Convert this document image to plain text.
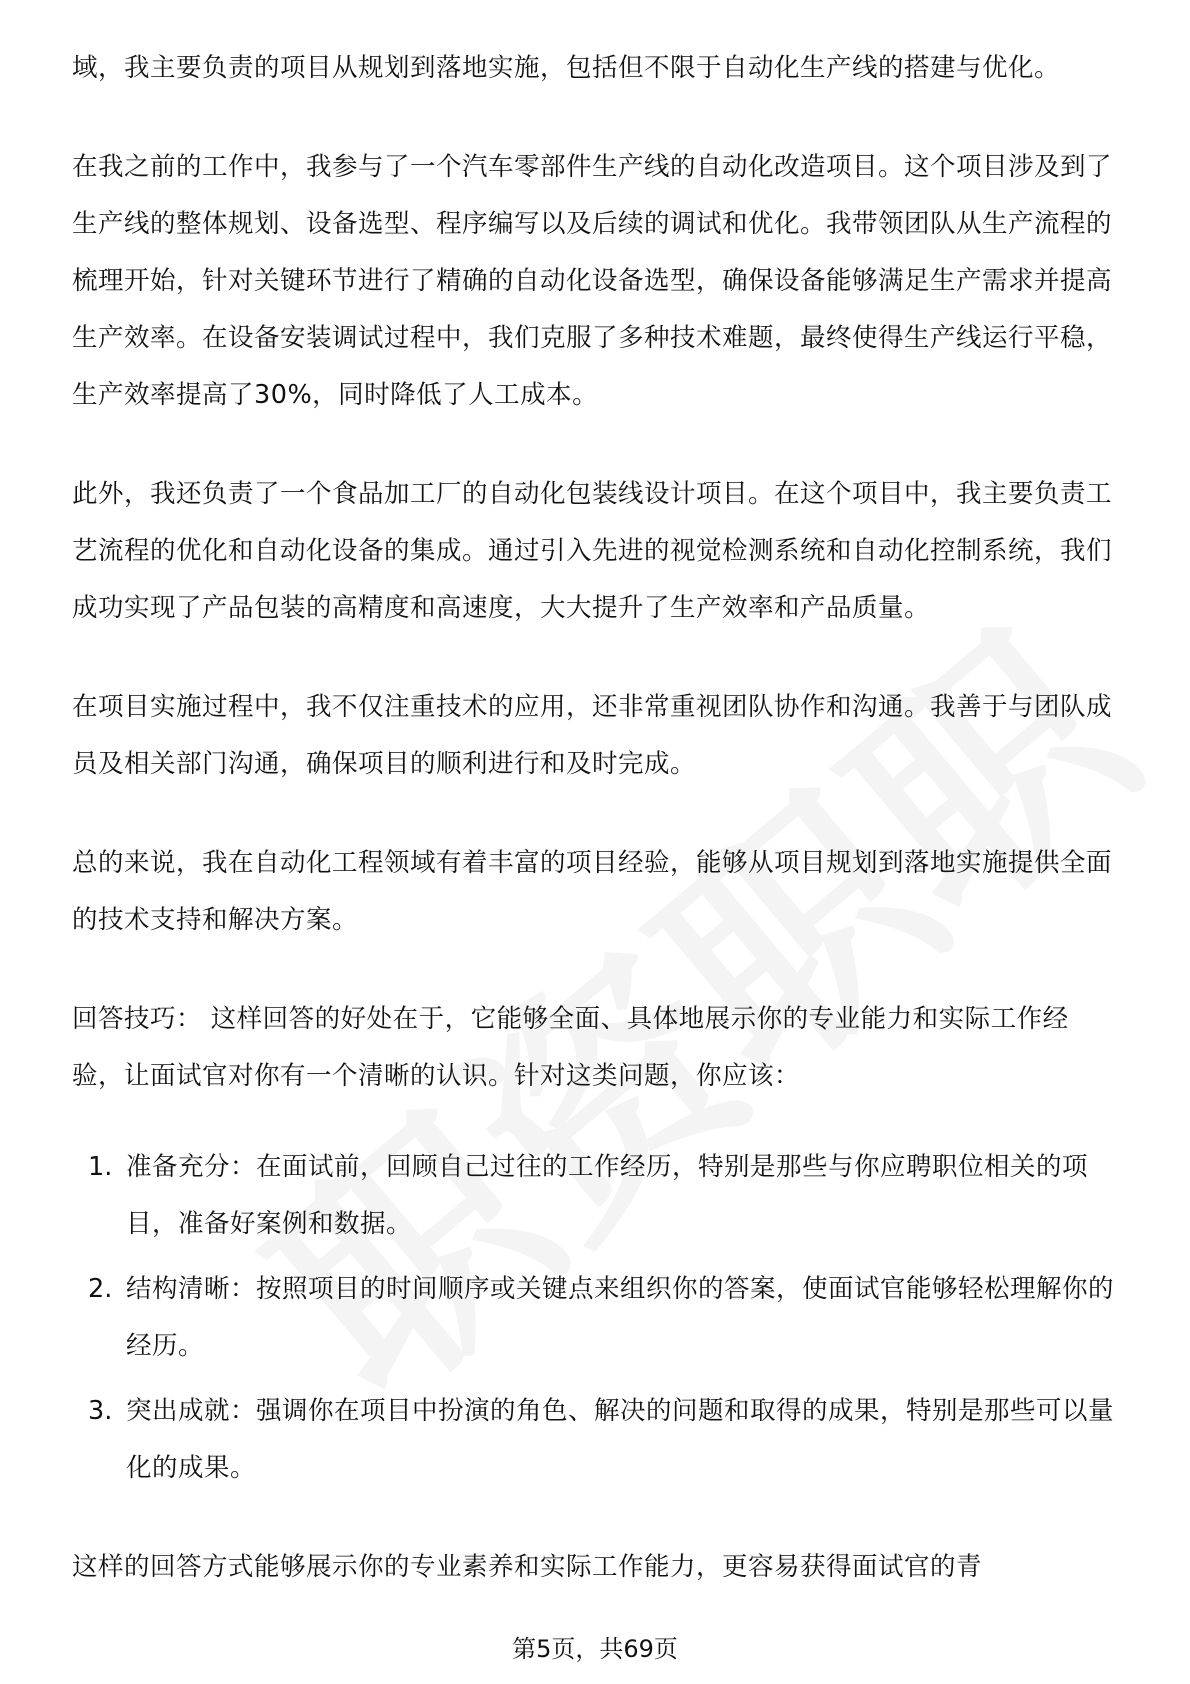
域，我主要负责的项目从规划到落地实施，包括但不限于自动化生产线的搭建与优化。

在我之前的工作中，我参与了一个汽车零部件生产线的自动化改造项目。这个项目涉及到了生产线的整体规划、设备选型、程序编写以及后续的调试和优化。我带领团队从生产流程的梳理开始，针对关键环节进行了精确的自动化设备选型，确保设备能够满足生产需求并提高生产效率。在设备安装调试过程中，我们克服了多种技术难题，最终使得生产线运行平稳，生产效率提高了30%，同时降低了人工成本。

此外，我还负责了一个食品加工厂的自动化包装线设计项目。在这个项目中，我主要负责工艺流程的优化和自动化设备的集成。通过引入先进的视觉检测系统和自动化控制系统，我们成功实现了产品包装的高精度和高速度，大大提升了生产效率和产品质量。

在项目实施过程中，我不仅注重技术的应用，还非常重视团队协作和沟通。我善于与团队成员及相关部门沟通，确保项目的顺利进行和及时完成。

总的来说，我在自动化工程领域有着丰富的项目经验，能够从项目规划到落地实施提供全面的技术支持和解决方案。

回答技巧： 这样回答的好处在于，它能够全面、具体地展示你的专业能力和实际工作经验，让面试官对你有一个清晰的认识。针对这类问题，你应该：

1. 准备充分：在面试前，回顾自己过往的工作经历，特别是那些与你应聘职位相关的项目，准备好案例和数据。

2. 结构清晰：按照项目的时间顺序或关键点来组织你的答案，使面试官能够轻松理解你的经历。

3. 突出成就：强调你在项目中扮演的角色、解决的问题和取得的成果，特别是那些可以量化的成果。

这样的回答方式能够展示你的专业素养和实际工作能力，更容易获得面试官的青

第5页，共69页
